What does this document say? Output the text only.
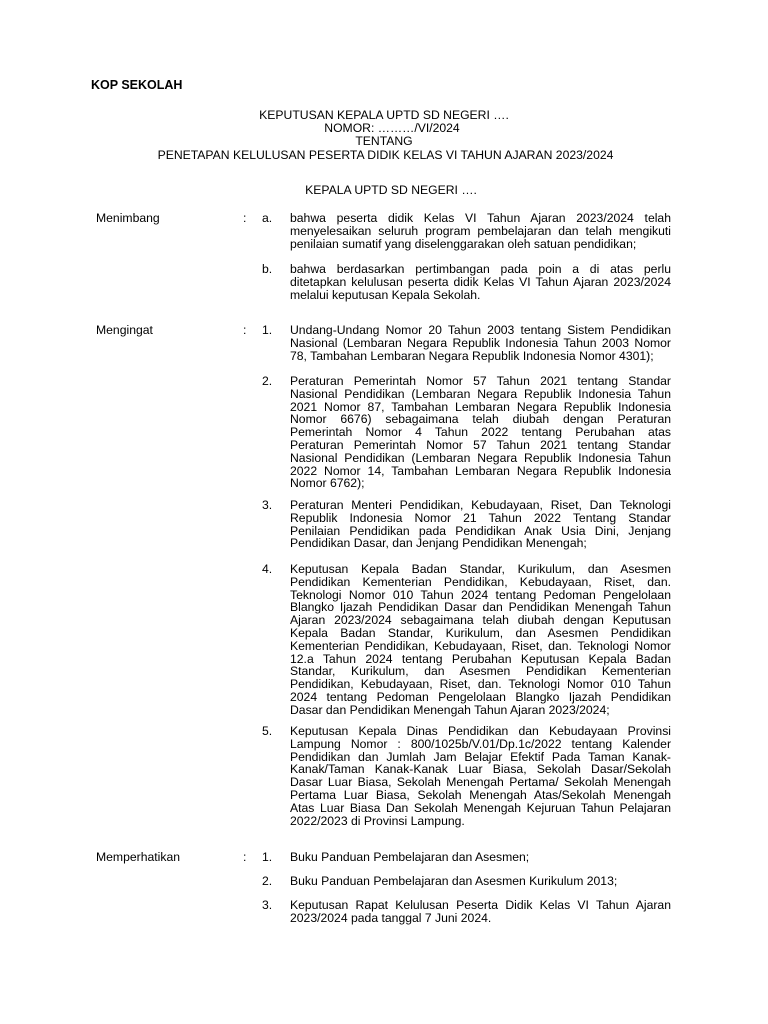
KOP SEKOLAH
KEPUTUSAN KEPALA UPTD SD NEGERI ….
NOMOR: ………/VI/2024
TENTANG
PENETAPAN KELULUSAN PESERTA DIDIK KELAS VI TAHUN AJARAN 2023/2024
KEPALA UPTD SD NEGERI ….
Menimbang	: a. bahwa peserta didik Kelas VI Tahun Ajaran 2023/2024 telah
menyelesaikan seluruh program pembelajaran dan telah mengikuti
penilaian sumatif yang diselenggarakan oleh satuan pendidikan;
b. bahwa berdasarkan pertimbangan pada poin a di atas perlu
ditetapkan kelulusan peserta didik Kelas VI Tahun Ajaran 2023/2024
melalui keputusan Kepala Sekolah.
Mengingat	: 1. Undang-Undang Nomor 20 Tahun 2003 tentang Sistem Pendidikan
Nasional (Lembaran Negara Republik Indonesia Tahun 2003 Nomor
78, Tambahan Lembaran Negara Republik Indonesia Nomor 4301);
2. Peraturan Pemerintah Nomor 57 Tahun 2021 tentang Standar
Nasional Pendidikan (Lembaran Negara Republik Indonesia Tahun
2021 Nomor 87, Tambahan Lembaran Negara Republik Indonesia
Nomor 6676) sebagaimana telah diubah dengan Peraturan
Pemerintah Nomor 4 Tahun 2022 tentang Perubahan atas
Peraturan Pemerintah Nomor 57 Tahun 2021 tentang Standar
Nasional Pendidikan (Lembaran Negara Republik Indonesia Tahun
2022 Nomor 14, Tambahan Lembaran Negara Republik Indonesia
Nomor 6762);
3. Peraturan Menteri Pendidikan, Kebudayaan, Riset, Dan Teknologi
Republik Indonesia Nomor 21 Tahun 2022 Tentang Standar
Penilaian Pendidikan pada Pendidikan Anak Usia Dini, Jenjang
Pendidikan Dasar, dan Jenjang Pendidikan Menengah;
4. Keputusan Kepala Badan Standar, Kurikulum, dan Asesmen
Pendidikan Kementerian Pendidikan, Kebudayaan, Riset, dan.
Teknologi Nomor 010 Tahun 2024 tentang Pedoman Pengelolaan
Blangko Ijazah Pendidikan Dasar dan Pendidikan Menengah Tahun
Ajaran 2023/2024 sebagaimana telah diubah dengan Keputusan
Kepala Badan Standar, Kurikulum, dan Asesmen Pendidikan
Kementerian Pendidikan, Kebudayaan, Riset, dan. Teknologi Nomor
12.a Tahun 2024 tentang Perubahan Keputusan Kepala Badan
Standar, Kurikulum, dan Asesmen Pendidikan Kementerian
Pendidikan, Kebudayaan, Riset, dan. Teknologi Nomor 010 Tahun
2024 tentang Pedoman Pengelolaan Blangko Ijazah Pendidikan
Dasar dan Pendidikan Menengah Tahun Ajaran 2023/2024;
5. Keputusan Kepala Dinas Pendidikan dan Kebudayaan Provinsi
Lampung Nomor : 800/1025b/V.01/Dp.1c/2022 tentang Kalender
Pendidikan dan Jumlah Jam Belajar Efektif Pada Taman Kanak-
Kanak/Taman Kanak-Kanak Luar Biasa, Sekolah Dasar/Sekolah
Dasar Luar Biasa, Sekolah Menengah Pertama/ Sekolah Menengah
Pertama Luar Biasa, Sekolah Menengah Atas/Sekolah Menengah
Atas Luar Biasa Dan Sekolah Menengah Kejuruan Tahun Pelajaran
2022/2023 di Provinsi Lampung.
Memperhatikan	: 1. Buku Panduan Pembelajaran dan Asesmen;
2. Buku Panduan Pembelajaran dan Asesmen Kurikulum 2013;
3. Keputusan Rapat Kelulusan Peserta Didik Kelas VI Tahun Ajaran
2023/2024 pada tanggal 7 Juni 2024.
